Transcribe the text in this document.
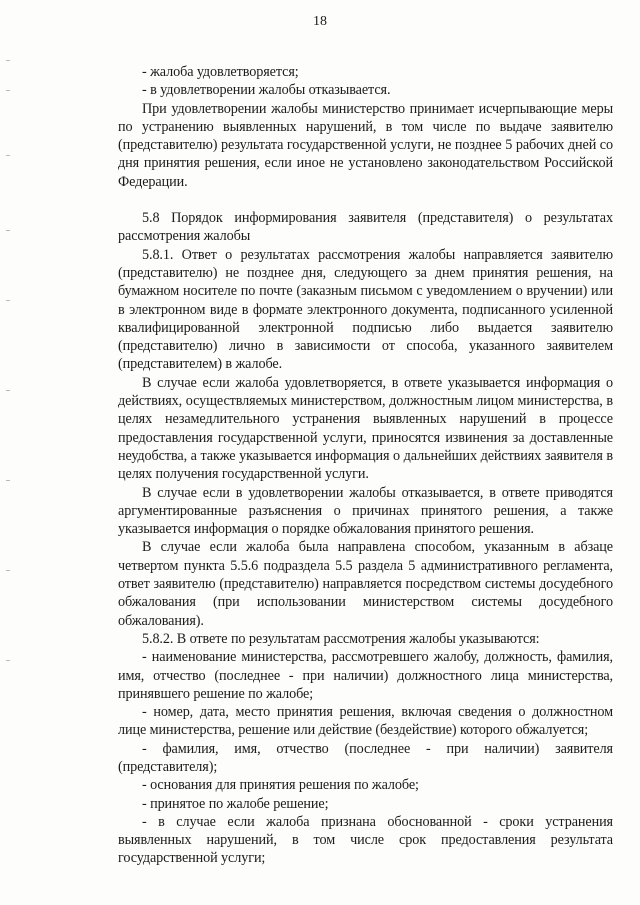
18

- жалоба удовлетворяется;

- в удовлетворении жалобы отказывается.

При удовлетворении жалобы министерство принимает исчерпывающие меры по устранению выявленных нарушений, в том числе по выдаче заявителю (представителю) результата государственной услуги, не позднее 5 рабочих дней со дня принятия решения, если иное не установлено законодательством Российской Федерации.

5.8 Порядок информирования заявителя (представителя) о результатах рассмотрения жалобы

5.8.1. Ответ о результатах рассмотрения жалобы направляется заявителю (представителю) не позднее дня, следующего за днем принятия решения, на бумажном носителе по почте (заказным письмом с уведомлением о вручении) или в электронном виде в формате электронного документа, подписанного усиленной квалифицированной электронной подписью либо выдается заявителю (представителю) лично в зависимости от способа, указанного заявителем (представителем) в жалобе.

В случае если жалоба удовлетворяется, в ответе указывается информация о действиях, осуществляемых министерством, должностным лицом министерства, в целях незамедлительного устранения выявленных нарушений в процессе предоставления государственной услуги, приносятся извинения за доставленные неудобства, а также указывается информация о дальнейших действиях заявителя в целях получения государственной услуги.

В случае если в удовлетворении жалобы отказывается, в ответе приводятся аргументированные разъяснения о причинах принятого решения, а также указывается информация о порядке обжалования принятого решения.

В случае если жалоба была направлена способом, указанным в абзаце четвертом пункта 5.5.6 подраздела 5.5 раздела 5 административного регламента, ответ заявителю (представителю) направляется посредством системы досудебного обжалования (при использовании министерством системы досудебного обжалования).

5.8.2. В ответе по результатам рассмотрения жалобы указываются:

- наименование министерства, рассмотревшего жалобу, должность, фамилия, имя, отчество (последнее - при наличии) должностного лица министерства, принявшего решение по жалобе;

- номер, дата, место принятия решения, включая сведения о должностном лице министерства, решение или действие (бездействие) которого обжалуется;

- фамилия, имя, отчество (последнее - при наличии) заявителя (представителя);

- основания для принятия решения по жалобе;

- принятое по жалобе решение;

- в случае если жалоба признана обоснованной - сроки устранения выявленных нарушений, в том числе срок предоставления результата государственной услуги;
